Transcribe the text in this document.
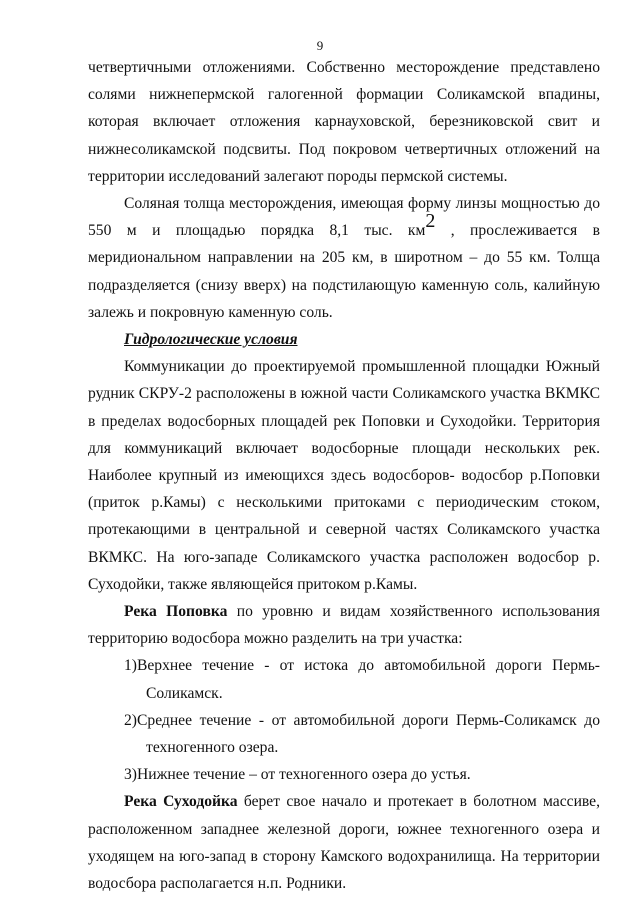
9

четвертичными отложениями. Собственно месторождение представлено солями нижнепермской галогенной формации Соликамской впадины, которая включает отложения карнауховской, березниковской свит и нижнесоликамской подсвиты. Под покровом четвертичных отложений на территории исследований залегают породы пермской системы.

Соляная толща месторождения, имеющая форму линзы мощностью до 550 м и площадью порядка 8,1 тыс. $км^2$ , прослеживается в меридиональном направлении на 205 км, в широтном – до 55 км. Толща подразделяется (снизу вверх) на подстилающую каменную соль, калийную залежь и покровную каменную соль.

Гидрологические условия

Коммуникации до проектируемой промышленной площадки Южный рудник СКРУ-2 расположены в южной части Соликамского участка ВКМКС в пределах водосборных площадей рек Поповки и Суходойки. Территория для коммуникаций включает водосборные площади нескольких рек. Наиболее крупный из имеющихся здесь водосборов- водосбор р.Поповки (приток р.Камы) с несколькими притоками с периодическим стоком, протекающими в центральной и северной частях Соликамского участка ВКМКС. На юго-западе Соликамского участка расположен водосбор р. Суходойки, также являющейся притоком р.Камы.

Река Поповка по уровню и видам хозяйственного использования территорию водосбора можно разделить на три участка:

1)Верхнее течение - от истока до автомобильной дороги Пермь-Соликамск.

2)Среднее течение - от автомобильной дороги Пермь-Соликамск до техногенного озера.

3)Нижнее течение – от техногенного озера до устья.

Река Суходойка берет свое начало и протекает в болотном массиве, расположенном западнее железной дороги, южнее техногенного озера и уходящем на юго-запад в сторону Камского водохранилища. На территории водосбора располагается н.п. Родники.
